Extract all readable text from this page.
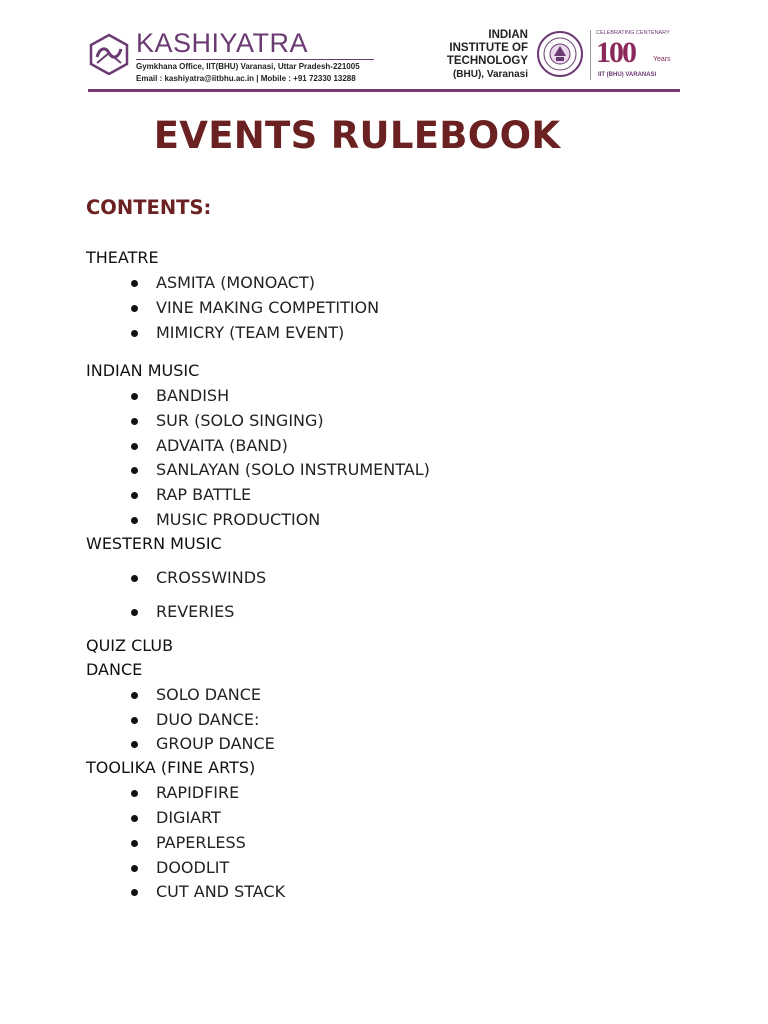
KASHIYATRA
Gymkhana Office, IIT(BHU) Varanasi, Uttar Pradesh-221005
Email : kashiyatra@iitbhu.ac.in | Mobile : +91 72330 13288
INDIAN
INSTITUTE OF
TECHNOLOGY
(BHU), Varanasi
CELEBRATING CENTENARY
100	Years
IIT (BHU) VARANASI
EVENTS RULEBOOK
CONTENTS:
THEATRE
ASMITA (MONOACT)
VINE MAKING COMPETITION
MIMICRY (TEAM EVENT)
INDIAN MUSIC
BANDISH
SUR (SOLO SINGING)
ADVAITA (BAND)
SANLAYAN (SOLO INSTRUMENTAL)
RAP BATTLE
MUSIC PRODUCTION
WESTERN MUSIC
CROSSWINDS
REVERIES
QUIZ CLUB
DANCE
SOLO DANCE
DUO DANCE:
GROUP DANCE
TOOLIKA (FINE ARTS)
RAPIDFIRE
DIGIART
PAPERLESS
DOODLIT
CUT AND STACK
